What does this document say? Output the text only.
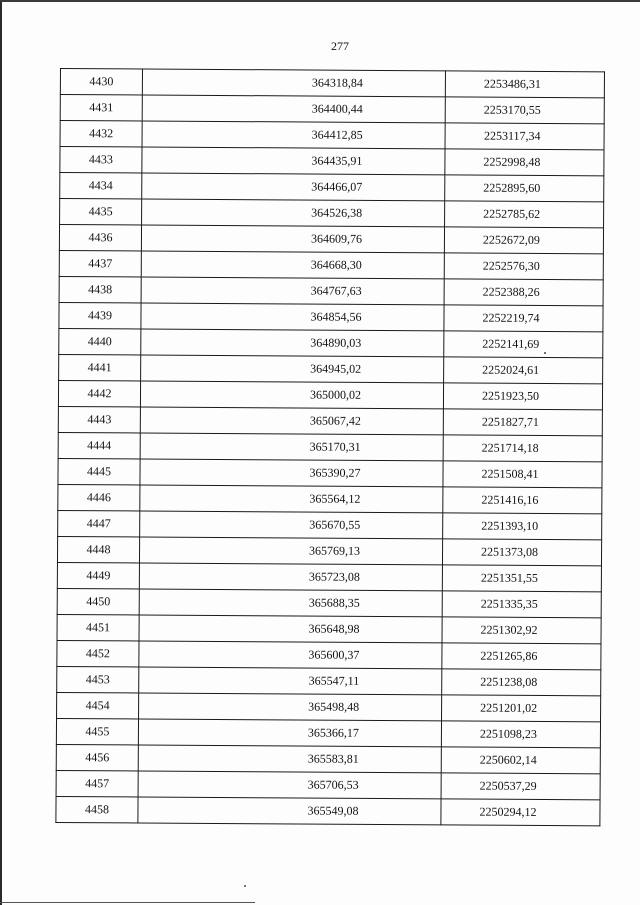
277
4430	364318,84	2253486,31
4431	364400,44	2253170,55
4432	364412,85	2253117,34
4433	364435,91	2252998,48
4434	364466,07	2252895,60
4435	364526,38	2252785,62
4436	364609,76	2252672,09
4437	364668,30	2252576,30
4438	364767,63	2252388,26
4439	364854,56	2252219,74
4440	364890,03	2252141,69
4441	364945,02	2252024,61
4442	365000,02	2251923,50
4443	365067,42	2251827,71
4444	365170,31	2251714,18
4445	365390,27	2251508,41
4446	365564,12	2251416,16
4447	365670,55	2251393,10
4448	365769,13	2251373,08
4449	365723,08	2251351,55
4450	365688,35	2251335,35
4451	365648,98	2251302,92
4452	365600,37	2251265,86
4453	365547,11	2251238,08
4454	365498,48	2251201,02
4455	365366,17	2251098,23
4456	365583,81	2250602,14
4457	365706,53	2250537,29
4458	365549,08	2250294,12
